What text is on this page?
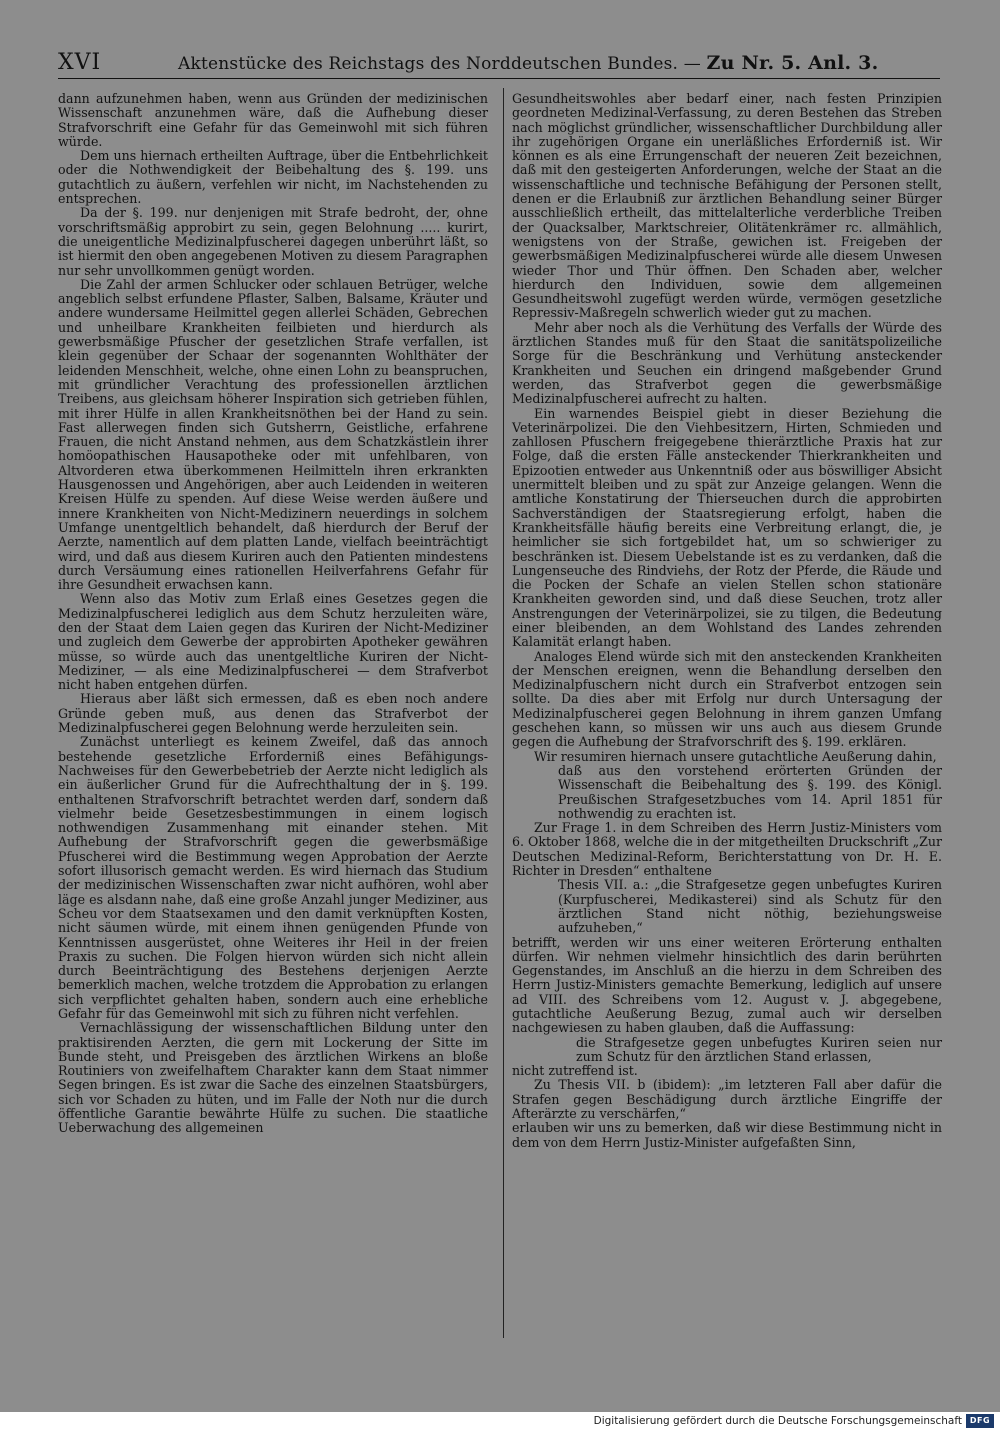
XVI	Aktenstücke des Reichstags des Norddeutschen Bundes. — Zu Nr. 5. Anl. 3.

dann aufzunehmen haben, wenn aus Gründen der medizinischen Wissenschaft anzunehmen wäre, daß die Aufhebung dieser Strafvorschrift eine Gefahr für das Gemeinwohl mit sich führen würde.

Dem uns hiernach ertheilten Auftrage, über die Entbehrlichkeit oder die Nothwendigkeit der Beibehaltung des §. 199. uns gutachtlich zu äußern, verfehlen wir nicht, im Nachstehenden zu entsprechen.

Da der §. 199. nur denjenigen mit Strafe bedroht, der, ohne vorschriftsmäßig approbirt zu sein, gegen Belohnung ..... kurirt, die uneigentliche Medizinalpfuscherei dagegen unberührt läßt, so ist hiermit den oben angegebenen Motiven zu diesem Paragraphen nur sehr unvollkommen genügt worden.

Die Zahl der armen Schlucker oder schlauen Betrüger, welche angeblich selbst erfundene Pflaster, Salben, Balsame, Kräuter und andere wundersame Heilmittel gegen allerlei Schäden, Gebrechen und unheilbare Krankheiten feilbieten und hierdurch als gewerbsmäßige Pfuscher der gesetzlichen Strafe verfallen, ist klein gegenüber der Schaar der sogenannten Wohlthäter der leidenden Menschheit, welche, ohne einen Lohn zu beanspruchen, mit gründlicher Verachtung des professionellen ärztlichen Treibens, aus gleichsam höherer Inspiration sich getrieben fühlen, mit ihrer Hülfe in allen Krankheitsnöthen bei der Hand zu sein. Fast allerwegen finden sich Gutsherrn, Geistliche, erfahrene Frauen, die nicht Anstand nehmen, aus dem Schatzkästlein ihrer homöopathischen Hausapotheke oder mit unfehlbaren, von Altvorderen etwa überkommenen Heilmitteln ihren erkrankten Hausgenossen und Angehörigen, aber auch Leidenden in weiteren Kreisen Hülfe zu spenden. Auf diese Weise werden äußere und innere Krankheiten von Nicht-Medizinern neuerdings in solchem Umfange unentgeltlich behandelt, daß hierdurch der Beruf der Aerzte, namentlich auf dem platten Lande, vielfach beeinträchtigt wird, und daß aus diesem Kuriren auch den Patienten mindestens durch Versäumung eines rationellen Heilverfahrens Gefahr für ihre Gesundheit erwachsen kann.

Wenn also das Motiv zum Erlaß eines Gesetzes gegen die Medizinalpfuscherei lediglich aus dem Schutz herzuleiten wäre, den der Staat dem Laien gegen das Kuriren der Nicht-Mediziner und zugleich dem Gewerbe der approbirten Apotheker gewähren müsse, so würde auch das unentgeltliche Kuriren der Nicht-Mediziner, — als eine Medizinalpfuscherei — dem Strafverbot nicht haben entgehen dürfen.

Hieraus aber läßt sich ermessen, daß es eben noch andere Gründe geben muß, aus denen das Strafverbot der Medizinalpfuscherei gegen Belohnung werde herzuleiten sein.

Zunächst unterliegt es keinem Zweifel, daß das annoch bestehende gesetzliche Erforderniß eines Befähigungs-Nachweises für den Gewerbebetrieb der Aerzte nicht lediglich als ein äußerlicher Grund für die Aufrechthaltung der in §. 199. enthaltenen Strafvorschrift betrachtet werden darf, sondern daß vielmehr beide Gesetzesbestimmungen in einem logisch nothwendigen Zusammenhang mit einander stehen. Mit Aufhebung der Strafvorschrift gegen die gewerbsmäßige Pfuscherei wird die Bestimmung wegen Approbation der Aerzte sofort illusorisch gemacht werden. Es wird hiernach das Studium der medizinischen Wissenschaften zwar nicht aufhören, wohl aber läge es alsdann nahe, daß eine große Anzahl junger Mediziner, aus Scheu vor dem Staatsexamen und den damit verknüpften Kosten, nicht säumen würde, mit einem ihnen genügenden Pfunde von Kenntnissen ausgerüstet, ohne Weiteres ihr Heil in der freien Praxis zu suchen. Die Folgen hiervon würden sich nicht allein durch Beeinträchtigung des Bestehens derjenigen Aerzte bemerklich machen, welche trotzdem die Approbation zu erlangen sich verpflichtet gehalten haben, sondern auch eine erhebliche Gefahr für das Gemeinwohl mit sich zu führen nicht verfehlen.

Vernachlässigung der wissenschaftlichen Bildung unter den praktisirenden Aerzten, die gern mit Lockerung der Sitte im Bunde steht, und Preisgeben des ärztlichen Wirkens an bloße Routiniers von zweifelhaftem Charakter kann dem Staat nimmer Segen bringen. Es ist zwar die Sache des einzelnen Staatsbürgers, sich vor Schaden zu hüten, und im Falle der Noth nur die durch öffentliche Garantie bewährte Hülfe zu suchen. Die staatliche Ueberwachung des allgemeinen

Gesundheitswohles aber bedarf einer, nach festen Prinzipien geordneten Medizinal-Verfassung, zu deren Bestehen das Streben nach möglichst gründlicher, wissenschaftlicher Durchbildung aller ihr zugehörigen Organe ein unerläßliches Erforderniß ist. Wir können es als eine Errungenschaft der neueren Zeit bezeichnen, daß mit den gesteigerten Anforderungen, welche der Staat an die wissenschaftliche und technische Befähigung der Personen stellt, denen er die Erlaubniß zur ärztlichen Behandlung seiner Bürger ausschließlich ertheilt, das mittelalterliche verderbliche Treiben der Quacksalber, Marktschreier, Olitätenkrämer rc. allmählich, wenigstens von der Straße, gewichen ist. Freigeben der gewerbsmäßigen Medizinalpfuscherei würde alle diesem Unwesen wieder Thor und Thür öffnen. Den Schaden aber, welcher hierdurch den Individuen, sowie dem allgemeinen Gesundheitswohl zugefügt werden würde, vermögen gesetzliche Repressiv-Maßregeln schwerlich wieder gut zu machen.

Mehr aber noch als die Verhütung des Verfalls der Würde des ärztlichen Standes muß für den Staat die sanitätspolizeiliche Sorge für die Beschränkung und Verhütung ansteckender Krankheiten und Seuchen ein dringend maßgebender Grund werden, das Strafverbot gegen die gewerbsmäßige Medizinalpfuscherei aufrecht zu halten.

Ein warnendes Beispiel giebt in dieser Beziehung die Veterinärpolizei. Die den Viehbesitzern, Hirten, Schmieden und zahllosen Pfuschern freigegebene thierärztliche Praxis hat zur Folge, daß die ersten Fälle ansteckender Thierkrankheiten und Epizootien entweder aus Unkenntniß oder aus böswilliger Absicht unermittelt bleiben und zu spät zur Anzeige gelangen. Wenn die amtliche Konstatirung der Thierseuchen durch die approbirten Sachverständigen der Staatsregierung erfolgt, haben die Krankheitsfälle häufig bereits eine Verbreitung erlangt, die, je heimlicher sie sich fortgebildet hat, um so schwieriger zu beschränken ist. Diesem Uebelstande ist es zu verdanken, daß die Lungenseuche des Rindviehs, der Rotz der Pferde, die Räude und die Pocken der Schafe an vielen Stellen schon stationäre Krankheiten geworden sind, und daß diese Seuchen, trotz aller Anstrengungen der Veterinärpolizei, sie zu tilgen, die Bedeutung einer bleibenden, an dem Wohlstand des Landes zehrenden Kalamität erlangt haben.

Analoges Elend würde sich mit den ansteckenden Krankheiten der Menschen ereignen, wenn die Behandlung derselben den Medizinalpfuschern nicht durch ein Strafverbot entzogen sein sollte. Da dies aber mit Erfolg nur durch Untersagung der Medizinalpfuscherei gegen Belohnung in ihrem ganzen Umfang geschehen kann, so müssen wir uns auch aus diesem Grunde gegen die Aufhebung der Strafvorschrift des §. 199. erklären.

Wir resumiren hiernach unsere gutachtliche Aeußerung dahin,

daß aus den vorstehend erörterten Gründen der Wissenschaft die Beibehaltung des §. 199. des Königl. Preußischen Strafgesetzbuches vom 14. April 1851 für nothwendig zu erachten ist.

Zur Frage 1. in dem Schreiben des Herrn Justiz-Ministers vom 6. Oktober 1868, welche die in der mitgetheilten Druckschrift „Zur Deutschen Medizinal-Reform, Berichterstattung von Dr. H. E. Richter in Dresden“ enthaltene

Thesis VII. a.: „die Strafgesetze gegen unbefugtes Kuriren (Kurpfuscherei, Medikasterei) sind als Schutz für den ärztlichen Stand nicht nöthig, beziehungsweise aufzuheben,“

betrifft, werden wir uns einer weiteren Erörterung enthalten dürfen. Wir nehmen vielmehr hinsichtlich des darin berührten Gegenstandes, im Anschluß an die hierzu in dem Schreiben des Herrn Justiz-Ministers gemachte Bemerkung, lediglich auf unsere ad VIII. des Schreibens vom 12. August v. J. abgegebene, gutachtliche Aeußerung Bezug, zumal auch wir derselben nachgewiesen zu haben glauben, daß die Auffassung:

die Strafgesetze gegen unbefugtes Kuriren seien nur zum Schutz für den ärztlichen Stand erlassen,

nicht zutreffend ist.

Zu Thesis VII. b (ibidem): „im letzteren Fall aber dafür die Strafen gegen Beschädigung durch ärztliche Eingriffe der Afterärzte zu verschärfen,“

erlauben wir uns zu bemerken, daß wir diese Bestimmung nicht in dem von dem Herrn Justiz-Minister aufgefaßten Sinn,

Digitalisierung gefördert durch die Deutsche Forschungsgemeinschaft DFG
